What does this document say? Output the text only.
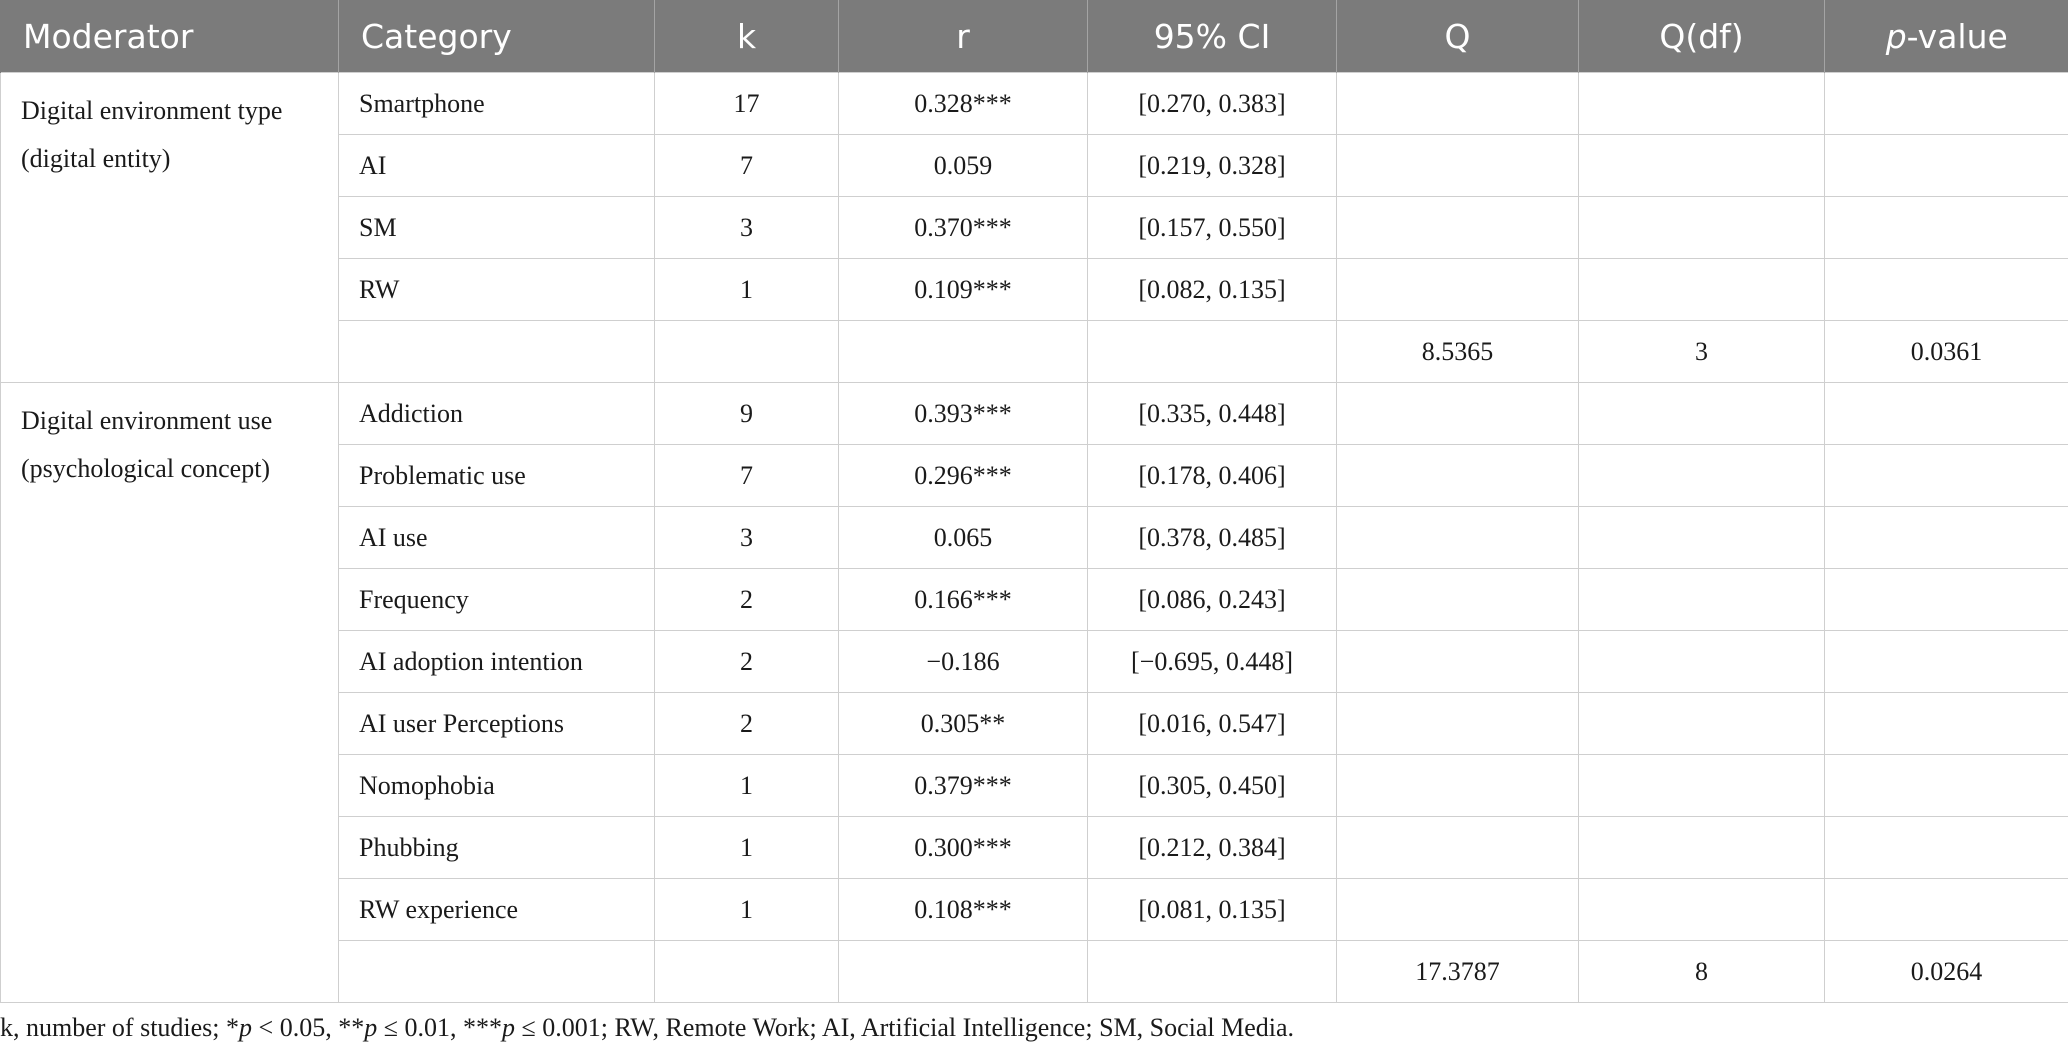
Moderator	Category	k	r	95% CI	Q	Q(df)	p-value

Digital environment type
(digital entity)	Smartphone	17	0.328***	[0.270, 0.383]			
	AI	7	0.059	[0.219, 0.328]			
	SM	3	0.370***	[0.157, 0.550]			
	RW	1	0.109***	[0.082, 0.135]			
					8.5365	3	0.0361

Digital environment use
(psychological concept)	Addiction	9	0.393***	[0.335, 0.448]			
	Problematic use	7	0.296***	[0.178, 0.406]			
	AI use	3	0.065	[0.378, 0.485]			
	Frequency	2	0.166***	[0.086, 0.243]			
	AI adoption intention	2	−0.186	[−0.695, 0.448]			
	AI user Perceptions	2	0.305**	[0.016, 0.547]			
	Nomophobia	1	0.379***	[0.305, 0.450]			
	Phubbing	1	0.300***	[0.212, 0.384]			
	RW experience	1	0.108***	[0.081, 0.135]			
					17.3787	8	0.0264
k, number of studies; *p < 0.05, **p ≤ 0.01, ***p ≤ 0.001; RW, Remote Work; AI, Artificial Intelligence; SM, Social Media.
